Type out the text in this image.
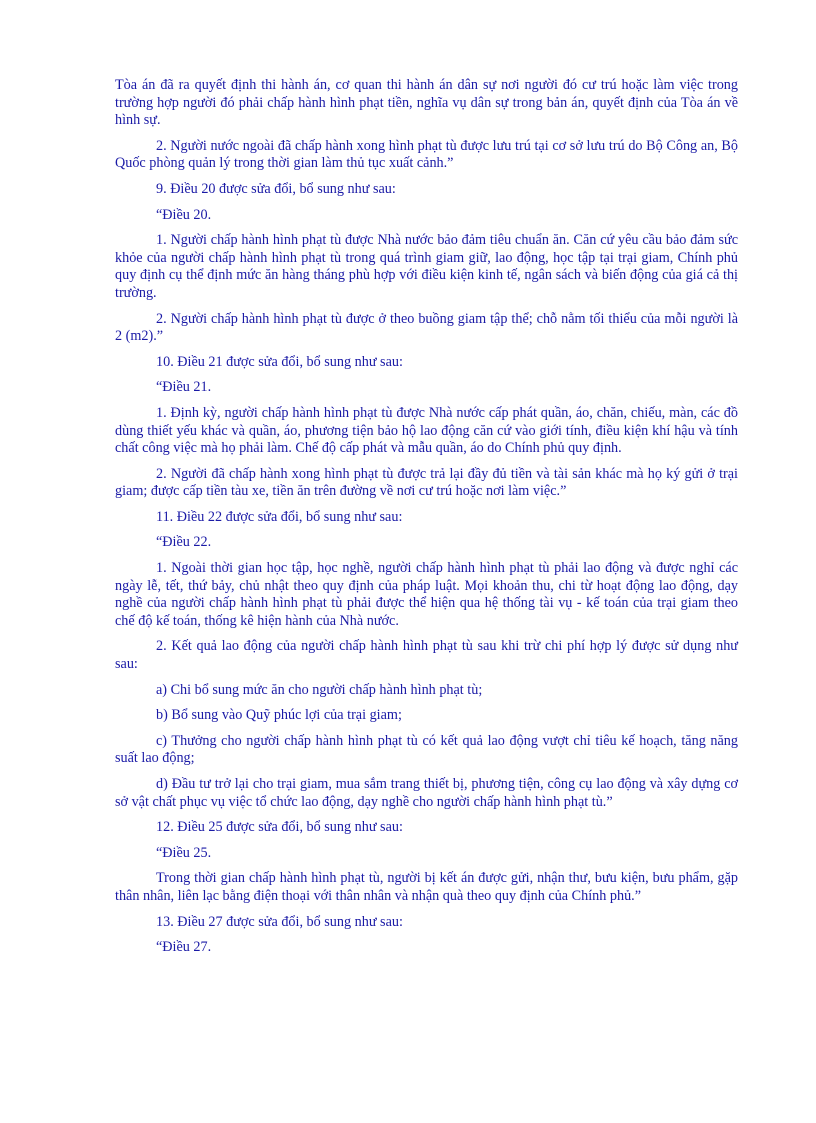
Tòa án đã ra quyết định thi hành án, cơ quan thi hành án dân sự nơi người đó cư trú hoặc làm việc trong trường hợp người đó phải chấp hành hình phạt tiền, nghĩa vụ dân sự trong bản án, quyết định của Tòa án về hình sự.

2. Người nước ngoài đã chấp hành xong hình phạt tù được lưu trú tại cơ sở lưu trú do Bộ Công an, Bộ Quốc phòng quản lý trong thời gian làm thủ tục xuất cảnh.”

9. Điều 20 được sửa đổi, bổ sung như sau:

“Điều 20.

1. Người chấp hành hình phạt tù được Nhà nước bảo đảm tiêu chuẩn ăn. Căn cứ yêu cầu bảo đảm sức khỏe của người chấp hành hình phạt tù trong quá trình giam giữ, lao động, học tập tại trại giam, Chính phủ quy định cụ thể định mức ăn hàng tháng phù hợp với điều kiện kinh tế, ngân sách và biến động của giá cả thị trường.

2. Người chấp hành hình phạt tù được ở theo buồng giam tập thể; chỗ nằm tối thiểu của mỗi người là 2 (m2).”

10. Điều 21 được sửa đổi, bổ sung như sau:

“Điều 21.

1. Định kỳ, người chấp hành hình phạt tù được Nhà nước cấp phát quần, áo, chăn, chiếu, màn, các đồ dùng thiết yếu khác và quần, áo, phương tiện bảo hộ lao động căn cứ vào giới tính, điều kiện khí hậu và tính chất công việc mà họ phải làm. Chế độ cấp phát và mẫu quần, áo do Chính phủ quy định.

2. Người đã chấp hành xong hình phạt tù được trả lại đầy đủ tiền và tài sản khác mà họ ký gửi ở trại giam; được cấp tiền tàu xe, tiền ăn trên đường về nơi cư trú hoặc nơi làm việc.”

11. Điều 22 được sửa đổi, bổ sung như sau:

“Điều 22.

1. Ngoài thời gian học tập, học nghề, người chấp hành hình phạt tù phải lao động và được nghỉ các ngày lễ, tết, thứ bảy, chủ nhật theo quy định của pháp luật. Mọi khoản thu, chi từ hoạt động lao động, dạy nghề của người chấp hành hình phạt tù phải được thể hiện qua hệ thống tài vụ - kế toán của trại giam theo chế độ kế toán, thống kê hiện hành của Nhà nước.

2. Kết quả lao động của người chấp hành hình phạt tù sau khi trừ chi phí hợp lý được sử dụng như sau:

a) Chi bổ sung mức ăn cho người chấp hành hình phạt tù;

b) Bổ sung vào Quỹ phúc lợi của trại giam;

c) Thưởng cho người chấp hành hình phạt tù có kết quả lao động vượt chỉ tiêu kế hoạch, tăng năng suất lao động;

d) Đầu tư trở lại cho trại giam, mua sắm trang thiết bị, phương tiện, công cụ lao động và xây dựng cơ sở vật chất phục vụ việc tổ chức lao động, dạy nghề cho người chấp hành hình phạt tù.”

12. Điều 25 được sửa đổi, bổ sung như sau:

“Điều 25.

Trong thời gian chấp hành hình phạt tù, người bị kết án được gửi, nhận thư, bưu kiện, bưu phẩm, gặp thân nhân, liên lạc bằng điện thoại với thân nhân và nhận quà theo quy định của Chính phủ.”

13. Điều 27 được sửa đổi, bổ sung như sau:

“Điều 27.
